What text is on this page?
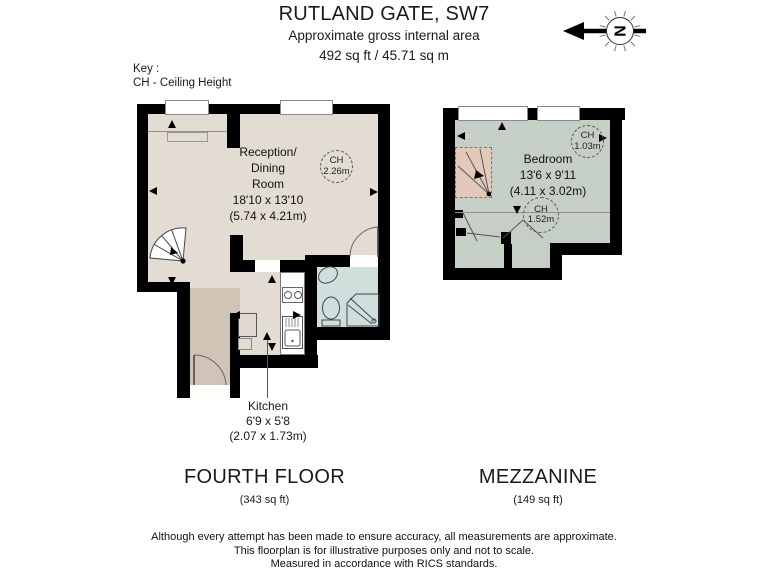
RUTLAND GATE, SW7
Approximate gross internal area
492 sq ft / 45.71 sq m
Key :
CH - Ceiling Height
N
Reception/
Dining
Room
18'10 x 13'10
(5.74 x 4.21m)
CH
2.26m
Kitchen
6'9 x 5'8
(2.07 x 1.73m)
Bedroom
13'6 x 9'11
(4.11 x 3.02m)
CH
1.03m
CH
1.52m
FOURTH FLOOR
(343 sq ft)
MEZZANINE
(149 sq ft)
Although every attempt has been made to ensure accuracy, all measurements are approximate.
This floorplan is for illustrative purposes only and not to scale.
Measured in accordance with RICS standards.
